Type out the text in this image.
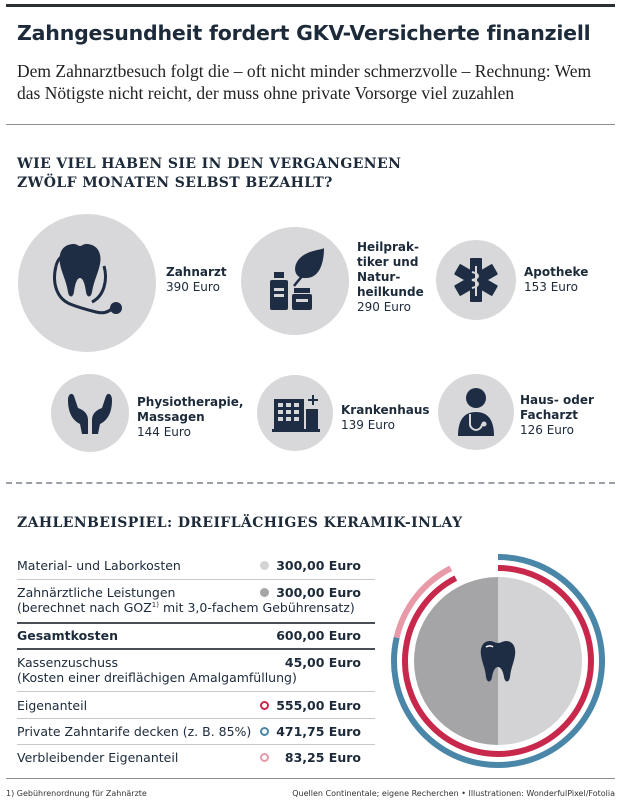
Zahngesundheit fordert GKV-Versicherte finanziell
Dem Zahnarztbesuch folgt die – oft nicht minder schmerzvolle – Rechnung: Wem das Nötigste nicht reicht, der muss ohne private Vorsorge viel zuzahlen
WIE VIEL HABEN SIE IN DEN VERGANGENEN
ZWÖLF MONATEN SELBST BEZAHLT?
Zahnarzt
390 Euro
Heilprak-
tiker und
Natur-
heilkunde
290 Euro
Apotheke
153 Euro
Physiotherapie,
Massagen
144 Euro
Krankenhaus
139 Euro
Haus- oder
Facharzt
126 Euro
ZAHLENBEISPIEL: DREIFLÄCHIGES KERAMIK-INLAY
Material- und Laborkosten	300,00 Euro
Zahnärztliche Leistungen	300,00 Euro
(berechnet nach GOZ$^{1)}$ mit 3,0-fachem Gebührensatz)
Gesamtkosten	600,00 Euro
Kassenzuschuss	45,00 Euro
(Kosten einer dreiflächigen Amalgamfüllung)
Eigenanteil	555,00 Euro
Private Zahntarife decken (z. B. 85%) 471,75 Euro
Verbleibender Eigenanteil	83,25 Euro
1) Gebührenordnung für Zahnärzte	Quellen Continentale; eigene Recherchen • Illustrationen: WonderfulPixel/Fotolia
